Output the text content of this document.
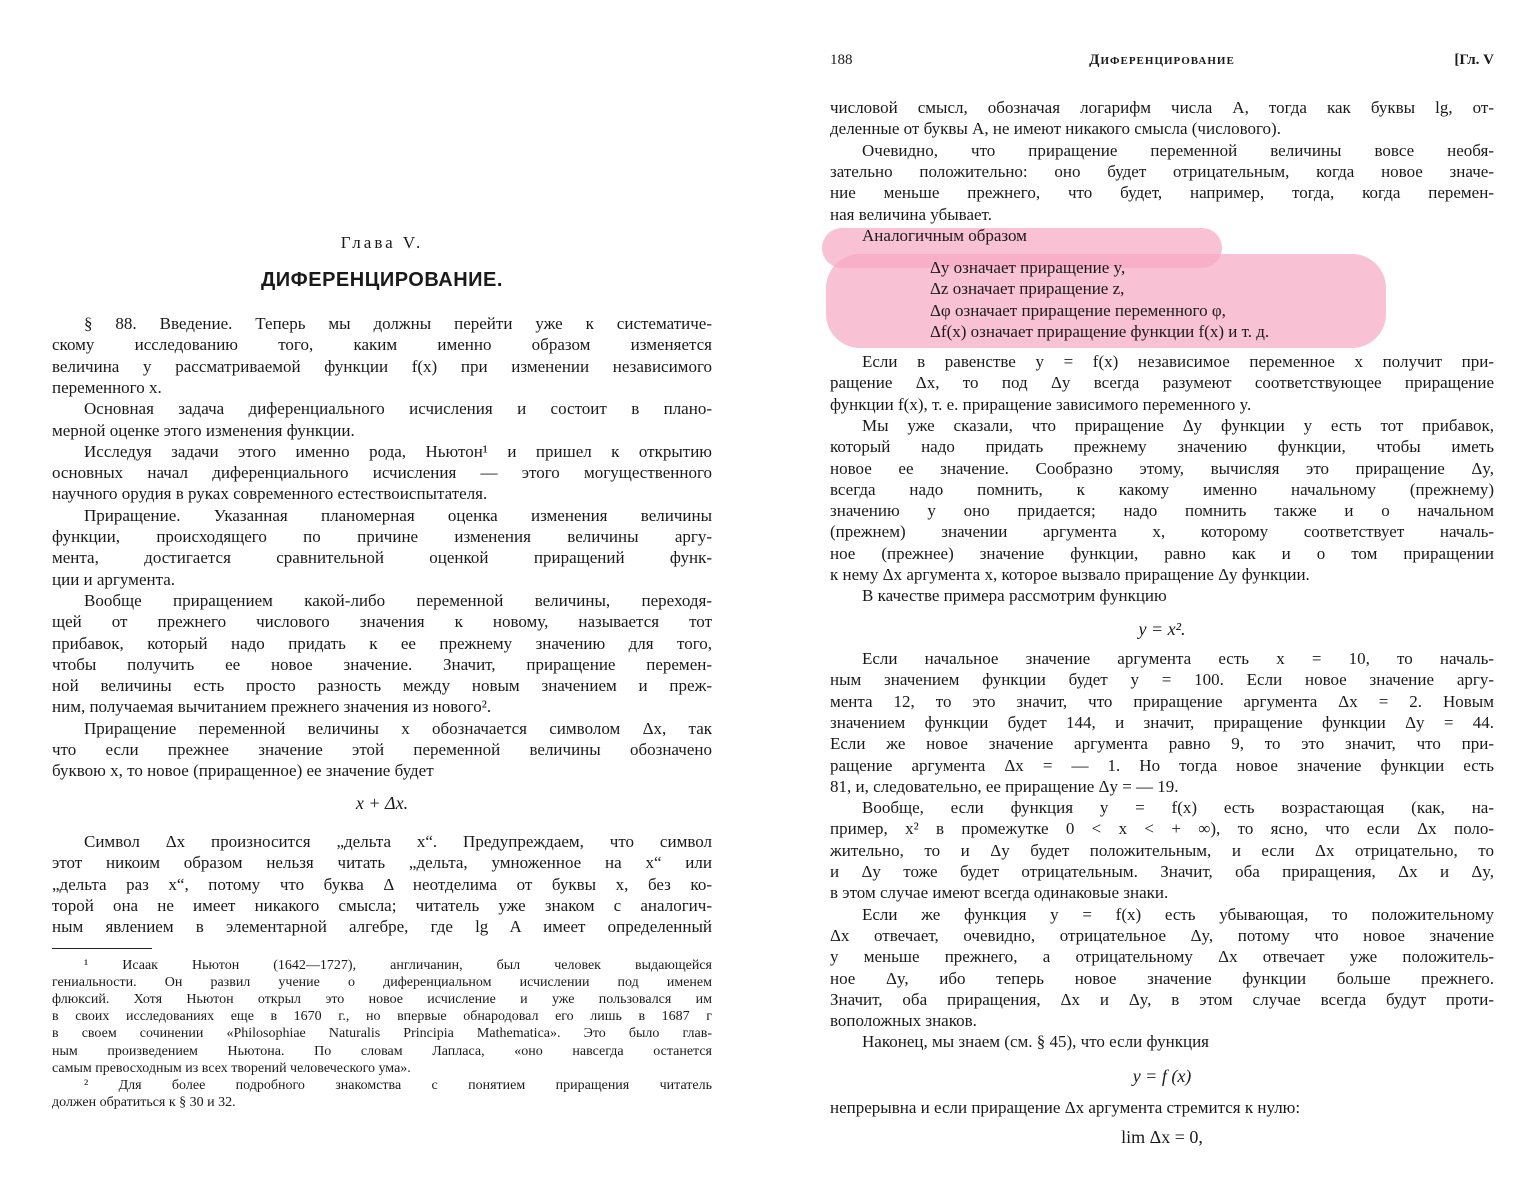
Глава V.
ДИФЕРЕНЦИРОВАНИЕ.
§ 88. Введение. Теперь мы должны перейти уже к систематиче-
скому исследованию того, каким именно образом изменяется
величина y рассматриваемой функции f(x) при изменении независимого
переменного x.
Основная задача диференциального исчисления и состоит в плано-
мерной оценке этого изменения функции.
Исследуя задачи этого именно рода, Ньютон¹ и пришел к открытию
основных начал диференциального исчисления — этого могущественного
научного орудия в руках современного естествоиспытателя.
Приращение. Указанная планомерная оценка изменения величины
функции, происходящего по причине изменения величины аргу-
мента, достигается сравнительной оценкой приращений функ-
ции и аргумента.
Вообще приращением какой-либо переменной величины, переходя-
щей от прежнего числового значения к новому, называется тот
прибавок, который надо придать к ее прежнему значению для того,
чтобы получить ее новое значение. Значит, приращение перемен-
ной величины есть просто разность между новым значением и преж-
ним, получаемая вычитанием прежнего значения из нового².
Приращение переменной величины x обозначается символом Δx, так
что если прежнее значение этой переменной величины обозначено
буквою x, то новое (приращенное) ее значение будет
x + Δx.
Символ Δx произносится „дельта x“. Предупреждаем, что символ
этот никоим образом нельзя читать „дельта, умноженное на x“ или
„дельта раз x“, потому что буква Δ неотделима от буквы x, без ко-
торой она не имеет никакого смысла; читатель уже знаком с аналогич-
ным явлением в элементарной алгебре, где lg A имеет определенный
¹ Исаак Ньютон (1642—1727), англичанин, был человек выдающейся
гениальности. Он развил учение о диференциальном исчислении под именем
флюксий. Хотя Ньютон открыл это новое исчисление и уже пользовался им
в своих исследованиях еще в 1670 г., но впервые обнародовал его лишь в 1687 г
в своем сочинении «Philosophiae Naturalis Principia Mathematica». Это было глав-
ным произведением Ньютона. По словам Лапласа, «оно навсегда останется
самым превосходным из всех творений человеческого ума».
² Для более подробного знакомства с понятием приращения читатель
должен обратиться к § 30 и 32.
188	Диференцирование	[Гл. V
числовой смысл, обозначая логарифм числа A, тогда как буквы lg, от-
деленные от буквы A, не имеют никакого смысла (числового).
Очевидно, что приращение переменной величины вовсе необя-
зательно положительно: оно будет отрицательным, когда новое значе-
ние меньше прежнего, что будет, например, тогда, когда перемен-
ная величина убывает.
Аналогичным образом
Δy означает приращение y,
Δz означает приращение z,
Δφ означает приращение переменного φ,
Δf(x) означает приращение функции f(x) и т. д.
Если в равенстве y = f(x) независимое переменное x получит при-
ращение Δx, то под Δy всегда разумеют соответствующее приращение
функции f(x), т. е. приращение зависимого переменного y.
Мы уже сказали, что приращение Δy функции y есть тот прибавок,
который надо придать прежнему значению функции, чтобы иметь
новое ее значение. Сообразно этому, вычисляя это приращение Δy,
всегда надо помнить, к какому именно начальному (прежнему)
значению y оно придается; надо помнить также и о начальном
(прежнем) значении аргумента x, которому соответствует началь-
ное (прежнее) значение функции, равно как и о том приращении
к нему Δx аргумента x, которое вызвало приращение Δy функции.
В качестве примера рассмотрим функцию
y = x².
Если начальное значение аргумента есть x = 10, то началь-
ным значением функции будет y = 100. Если новое значение аргу-
мента 12, то это значит, что приращение аргумента Δx = 2. Новым
значением функции будет 144, и значит, приращение функции Δy = 44.
Если же новое значение аргумента равно 9, то это значит, что при-
ращение аргумента Δx = — 1. Но тогда новое значение функции есть
81, и, следовательно, ее приращение Δy = — 19.
Вообще, если функция y = f(x) есть возрастающая (как, на-
пример, x² в промежутке 0 < x < + ∞), то ясно, что если Δx поло-
жительно, то и Δy будет положительным, и если Δx отрицательно, то
и Δy тоже будет отрицательным. Значит, оба приращения, Δx и Δy,
в этом случае имеют всегда одинаковые знаки.
Если же функция y = f(x) есть убывающая, то положительному
Δx отвечает, очевидно, отрицательное Δy, потому что новое значение
y меньше прежнего, а отрицательному Δx отвечает уже положитель-
ное Δy, ибо теперь новое значение функции больше прежнего.
Значит, оба приращения, Δx и Δy, в этом случае всегда будут проти-
воположных знаков.
Наконец, мы знаем (см. § 45), что если функция
y = f (x)
непрерывна и если приращение Δx аргумента стремится к нулю:
lim Δx = 0,
